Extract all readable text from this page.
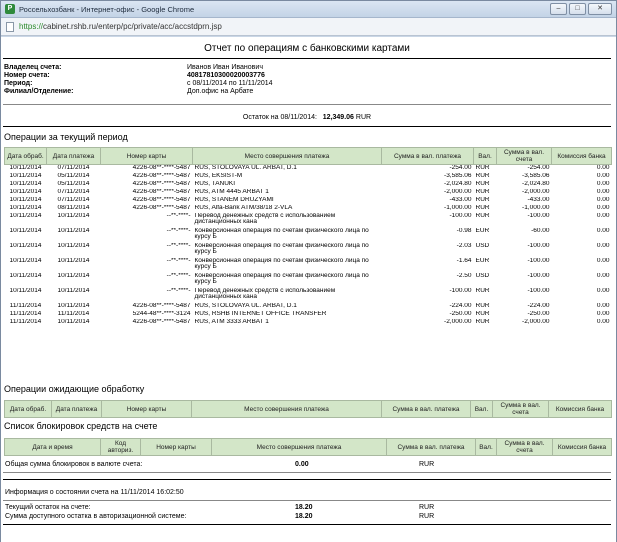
Р Россельхозбанк - Интернет-офис - Google Chrome	–	□	✕
https://cabinet.rshb.ru/enterp/pc/private/acc/accstdprn.jsp
Отчет по операциям с банковскими картами
Владелец счета:	Иванов Иван Иванович
Номер счета:	40817810300020003776
Период:	с 08/11/2014 по 11/11/2014
Филиал/Отделение:	Доп.офис на Арбате
Остаток на 08/11/2014: 12,349.06 RUR
Операции за текущий период
Дата обраб.	Дата платежа	Номер карты	Место совершения платежа	Сумма в вал. платежа	Вал.	Сумма в вал. счета	Комиссия банка
10/11/2014	07/11/2014	4226-08**-****-5487	RUS, STOLOVAYA UL. ARBAT, D.1	-254.00	RUR	-254.00	0.00
10/11/2014	05/11/2014	4226-08**-****-5487	RUS, EKSIST-M	-3,585.06	RUR	-3,585.06	0.00
10/11/2014	05/11/2014	4226-08**-****-5487	RUS, TANUKI	-2,024.80	RUR	-2,024.80	0.00
10/11/2014	07/11/2014	4226-08**-****-5487	RUS, ATM 4445 ARBAT 1	-2,000.00	RUR	-2,000.00	0.00
10/11/2014	07/11/2014	4226-08**-****-5487	RUS, STANEM DRUZYAMI	-433.00	RUR	-433.00	0.00
10/11/2014	08/11/2014	4226-08**-****-5487	RUS, Alfa-Bank ATM/38/18 2-VLA	-1,000.00	RUR	-1,000.00	0.00
10/11/2014	10/11/2014	--**-****-	Перевод денежных средств с использованием дистанционных кана	-100.00	RUR	-100.00	0.00
10/11/2014	10/11/2014	--**-****-	Конверсионная операция по счетам физического лица по курсу Б	-0.98	EUR	-60.00	0.00
10/11/2014	10/11/2014	--**-****-	Конверсионная операция по счетам физического лица по курсу Б	-2.03	USD	-100.00	0.00
10/11/2014	10/11/2014	--**-****-	Конверсионная операция по счетам физического лица по курсу Б	-1.64	EUR	-100.00	0.00
10/11/2014	10/11/2014	--**-****-	Конверсионная операция по счетам физического лица по курсу Б	-2.50	USD	-100.00	0.00
10/11/2014	10/11/2014	--**-****-	Перевод денежных средств с использованием дистанционных кана	-100.00	RUR	-100.00	0.00
11/11/2014	10/11/2014	4226-08**-****-5487	RUS, STOLOVAYA UL. ARBAT, D.1	-224.00	RUR	-224.00	0.00
11/11/2014	11/11/2014	5244-48**-****-3124	RUS, RSHB INTERNET OFFICE TRANSFER	-250.00	RUR	-250.00	0.00
11/11/2014	10/11/2014	4226-08**-****-5487	RUS, ATM 3333 ARBAT 1	-2,000.00	RUR	-2,000.00	0.00
Операции ожидающие обработку
Дата обраб.	Дата платежа	Номер карты	Место совершения платежа	Сумма в вал. платежа	Вал.	Сумма в вал. счета	Комиссия банка
Список блокировок средств на счете
Дата и время	Код авториз.	Номер карты	Место совершения платежа	Сумма в вал. платежа	Вал.	Сумма в вал. счета	Комиссия банка
Общая сумма блокировок в валюте счета:	0.00	RUR
Информация о состоянии счета на 11/11/2014 16:02:50
Текущий остаток на счете:	18.20	RUR
Сумма доступного остатка в авторизационной системе:	18.20	RUR
